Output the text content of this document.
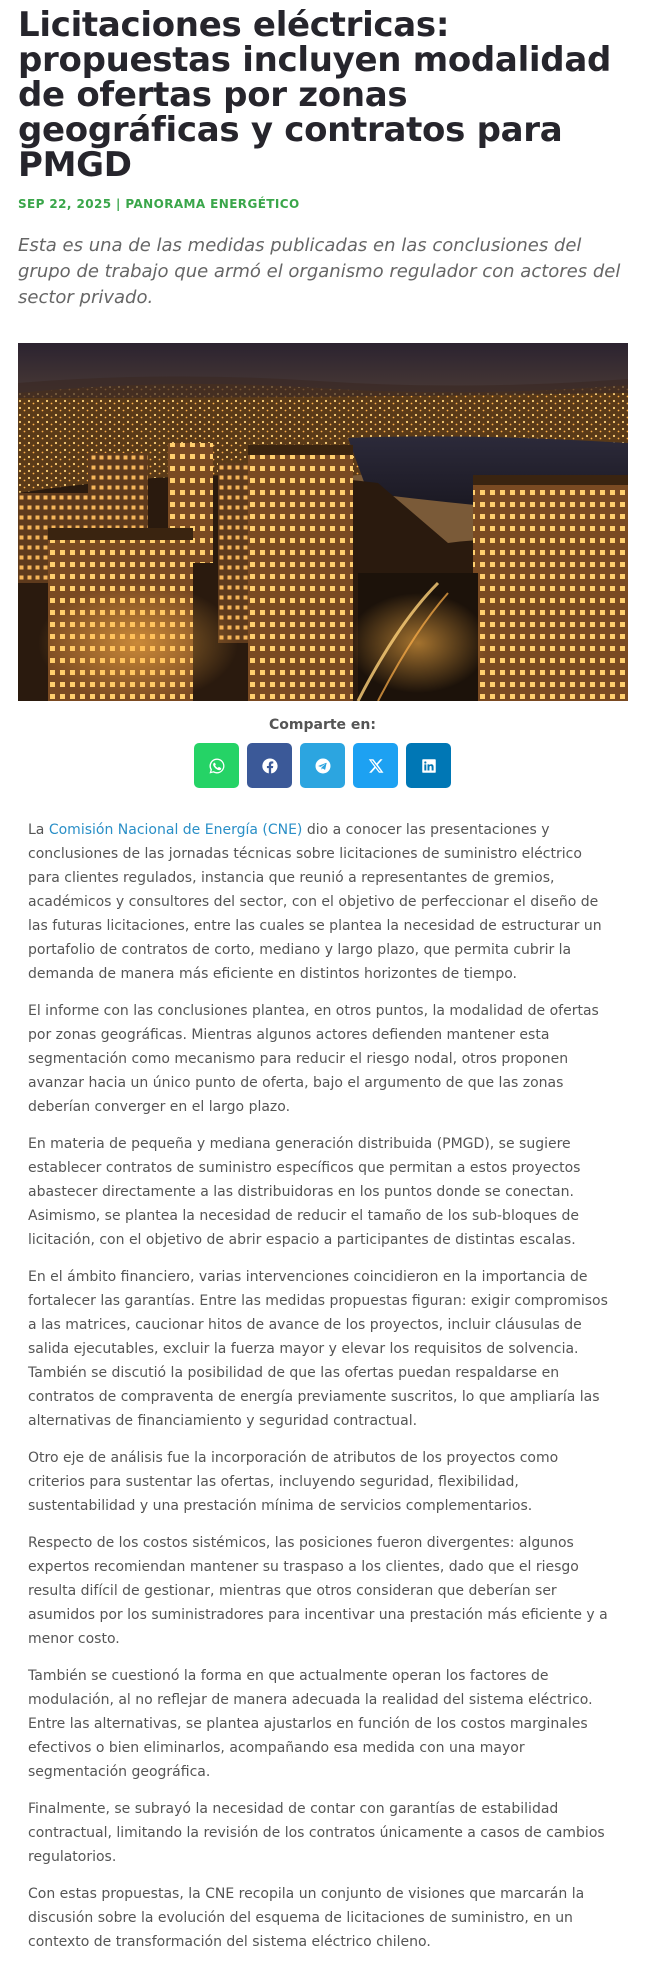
Licitaciones eléctricas: propuestas incluyen modalidad de ofertas por zonas geográficas y contratos para PMGD
SEP 22, 2025 | PANORAMA ENERGÉTICO

Esta es una de las medidas publicadas en las conclusiones del grupo de trabajo que armó el organismo regulador con actores del sector privado.

Comparte en:

La Comisión Nacional de Energía (CNE) dio a conocer las presentaciones y conclusiones de las jornadas técnicas sobre licitaciones de suministro eléctrico para clientes regulados, instancia que reunió a representantes de gremios, académicos y consultores del sector, con el objetivo de perfeccionar el diseño de las futuras licitaciones, entre las cuales se plantea la necesidad de estructurar un portafolio de contratos de corto, mediano y largo plazo, que permita cubrir la demanda de manera más eficiente en distintos horizontes de tiempo.

El informe con las conclusiones plantea, en otros puntos, la modalidad de ofertas por zonas geográficas. Mientras algunos actores defienden mantener esta segmentación como mecanismo para reducir el riesgo nodal, otros proponen avanzar hacia un único punto de oferta, bajo el argumento de que las zonas deberían converger en el largo plazo.

En materia de pequeña y mediana generación distribuida (PMGD), se sugiere establecer contratos de suministro específicos que permitan a estos proyectos abastecer directamente a las distribuidoras en los puntos donde se conectan. Asimismo, se plantea la necesidad de reducir el tamaño de los sub-bloques de licitación, con el objetivo de abrir espacio a participantes de distintas escalas.

En el ámbito financiero, varias intervenciones coincidieron en la importancia de fortalecer las garantías. Entre las medidas propuestas figuran: exigir compromisos a las matrices, caucionar hitos de avance de los proyectos, incluir cláusulas de salida ejecutables, excluir la fuerza mayor y elevar los requisitos de solvencia. También se discutió la posibilidad de que las ofertas puedan respaldarse en contratos de compraventa de energía previamente suscritos, lo que ampliaría las alternativas de financiamiento y seguridad contractual.

Otro eje de análisis fue la incorporación de atributos de los proyectos como criterios para sustentar las ofertas, incluyendo seguridad, flexibilidad, sustentabilidad y una prestación mínima de servicios complementarios.

Respecto de los costos sistémicos, las posiciones fueron divergentes: algunos expertos recomiendan mantener su traspaso a los clientes, dado que el riesgo resulta difícil de gestionar, mientras que otros consideran que deberían ser asumidos por los suministradores para incentivar una prestación más eficiente y a menor costo.

También se cuestionó la forma en que actualmente operan los factores de modulación, al no reflejar de manera adecuada la realidad del sistema eléctrico. Entre las alternativas, se plantea ajustarlos en función de los costos marginales efectivos o bien eliminarlos, acompañando esa medida con una mayor segmentación geográfica.

Finalmente, se subrayó la necesidad de contar con garantías de estabilidad contractual, limitando la revisión de los contratos únicamente a casos de cambios regulatorios.

Con estas propuestas, la CNE recopila un conjunto de visiones que marcarán la discusión sobre la evolución del esquema de licitaciones de suministro, en un contexto de transformación del sistema eléctrico chileno.
